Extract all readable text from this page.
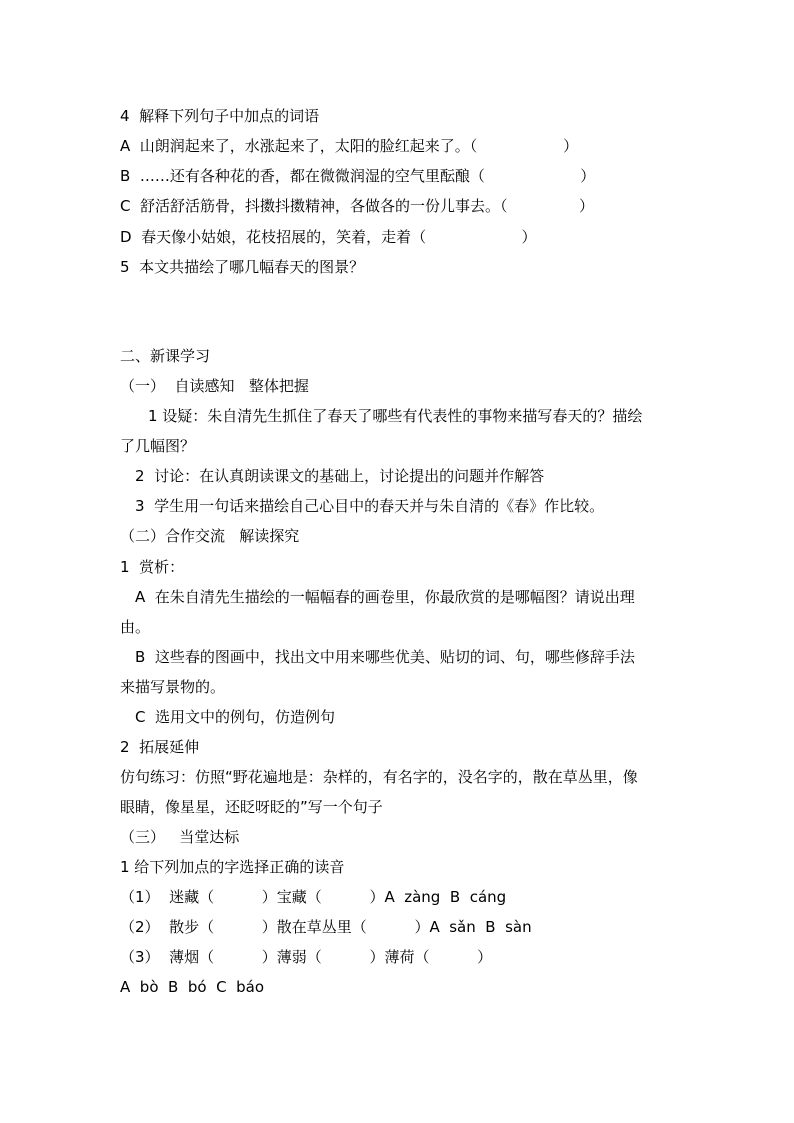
4  解释下列句子中加点的词语
A  山朗润起来了，水涨起来了，太阳的脸红起来了。（                  ）
B  ……还有各种花的香，都在微微润湿的空气里酝酿（                    ）
C  舒活舒活筋骨，抖擞抖擞精神，各做各的一份儿事去。（               ）
D  春天像小姑娘，花枝招展的，笑着，走着（                    ）
5  本文共描绘了哪几幅春天的图景？
二、新课学习
（一）  自读感知   整体把握
1 设疑：朱自清先生抓住了春天了哪些有代表性的事物来描写春天的？描绘
了几幅图？
2  讨论：在认真朗读课文的基础上，讨论提出的问题并作解答
3  学生用一句话来描绘自己心目中的春天并与朱自清的《春》作比较。
（二）合作交流   解读探究
1  赏析：
A  在朱自清先生描绘的一幅幅春的画卷里，你最欣赏的是哪幅图？请说出理
由。
B  这些春的图画中，找出文中用来哪些优美、贴切的词、句，哪些修辞手法
来描写景物的。
C  选用文中的例句，仿造例句
2  拓展延伸
仿句练习：仿照“野花遍地是：杂样的，有名字的，没名字的，散在草丛里，像
眼睛，像星星，还眨呀眨的”写一个句子
（三）   当堂达标
1 给下列加点的字选择正确的读音
（1）  迷藏（          ）宝藏（          ）A  zàng  B  cáng
（2）  散步（          ）散在草丛里（          ）A  sǎn  B  sàn
（3）  薄烟（          ）薄弱（          ）薄荷（          ）
A  bò  B  bó  C  báo
